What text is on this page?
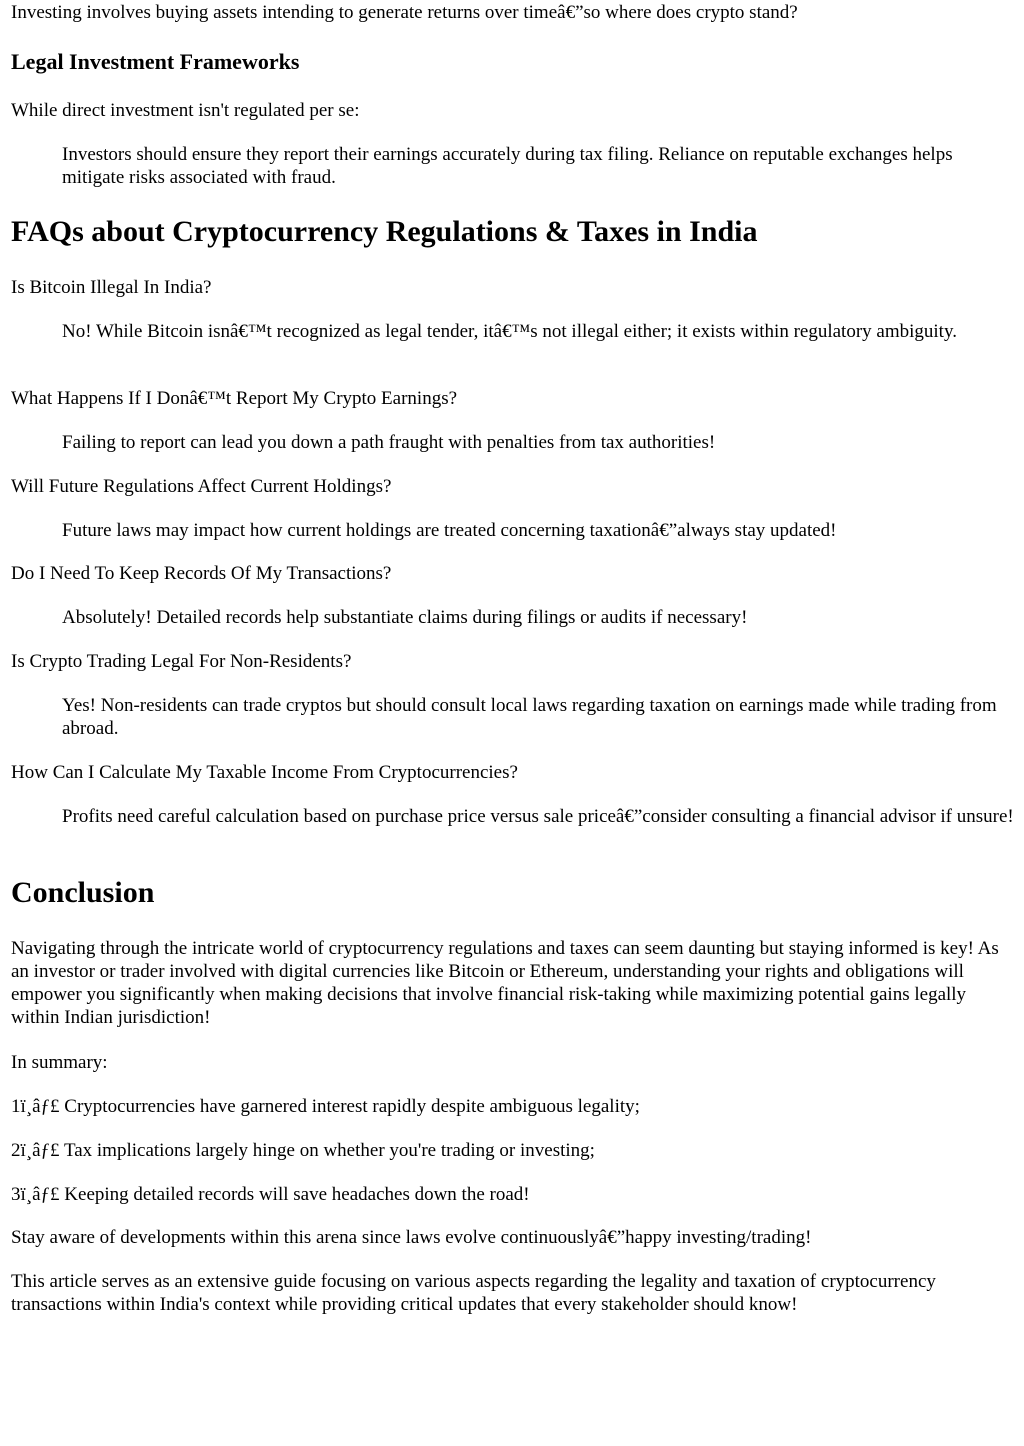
Investing involves buying assets intending to generate returns over timeâ€”so where does crypto stand?

Legal Investment Frameworks

While direct investment isn't regulated per se:

Investors should ensure they report their earnings accurately during tax filing. Reliance on reputable exchanges helps mitigate risks associated with fraud.
FAQs about Cryptocurrency Regulations & Taxes in India

Is Bitcoin Illegal In India?

No! While Bitcoin isnâ€™t recognized as legal tender, itâ€™s not illegal either; it exists within regulatory ambiguity.

What Happens If I Donâ€™t Report My Crypto Earnings?

Failing to report can lead you down a path fraught with penalties from tax authorities!

Will Future Regulations Affect Current Holdings?

Future laws may impact how current holdings are treated concerning taxationâ€”always stay updated!

Do I Need To Keep Records Of My Transactions?

Absolutely! Detailed records help substantiate claims during filings or audits if necessary!

Is Crypto Trading Legal For Non-Residents?

Yes! Non-residents can trade cryptos but should consult local laws regarding taxation on earnings made while trading from abroad.

How Can I Calculate My Taxable Income From Cryptocurrencies?

Profits need careful calculation based on purchase price versus sale priceâ€”consider consulting a financial advisor if unsure!
Conclusion

Navigating through the intricate world of cryptocurrency regulations and taxes can seem daunting but staying informed is key! As an investor or trader involved with digital currencies like Bitcoin or Ethereum, understanding your rights and obligations will empower you significantly when making decisions that involve financial risk-taking while maximizing potential gains legally within Indian jurisdiction!

In summary:

1ï¸âƒ£ Cryptocurrencies have garnered interest rapidly despite ambiguous legality;

2ï¸âƒ£ Tax implications largely hinge on whether you're trading or investing;

3ï¸âƒ£ Keeping detailed records will save headaches down the road!

Stay aware of developments within this arena since laws evolve continuouslyâ€”happy investing/trading!

This article serves as an extensive guide focusing on various aspects regarding the legality and taxation of cryptocurrency transactions within India's context while providing critical updates that every stakeholder should know!
